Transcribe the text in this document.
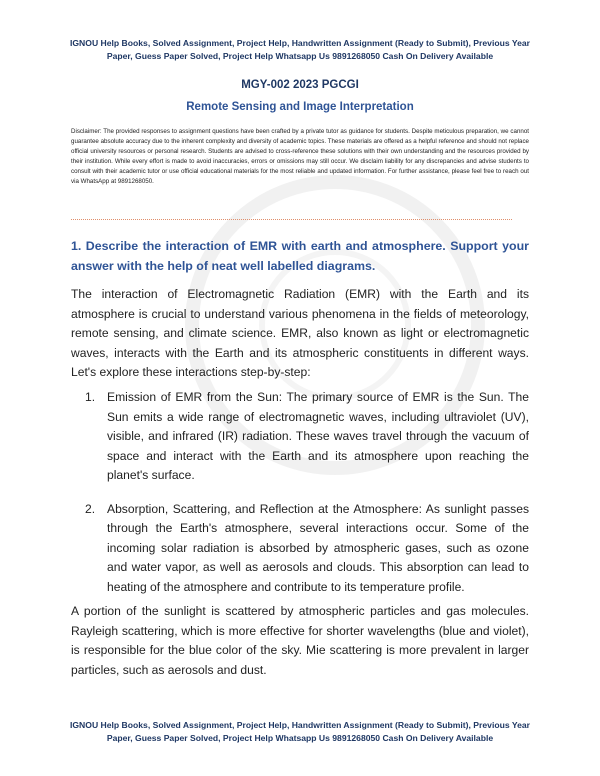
IGNOU Help Books, Solved Assignment, Project Help, Handwritten Assignment (Ready to Submit), Previous Year Paper, Guess Paper Solved, Project Help Whatsapp Us 9891268050 Cash On Delivery Available
MGY-002 2023 PGCGI
Remote Sensing and Image Interpretation
Disclaimer: The provided responses to assignment questions have been crafted by a private tutor as guidance for students. Despite meticulous preparation, we cannot guarantee absolute accuracy due to the inherent complexity and diversity of academic topics. These materials are offered as a helpful reference and should not replace official university resources or personal research. Students are advised to cross-reference these solutions with their own understanding and the resources provided by their institution. While every effort is made to avoid inaccuracies, errors or omissions may still occur. We disclaim liability for any discrepancies and advise students to consult with their academic tutor or use official educational materials for the most reliable and updated information. For further assistance, please feel free to reach out via WhatsApp at 9891268050.
1. Describe the interaction of EMR with earth and atmosphere. Support your answer with the help of neat well labelled diagrams.
The interaction of Electromagnetic Radiation (EMR) with the Earth and its atmosphere is crucial to understand various phenomena in the fields of meteorology, remote sensing, and climate science. EMR, also known as light or electromagnetic waves, interacts with the Earth and its atmospheric constituents in different ways. Let's explore these interactions step-by-step:
1. Emission of EMR from the Sun: The primary source of EMR is the Sun. The Sun emits a wide range of electromagnetic waves, including ultraviolet (UV), visible, and infrared (IR) radiation. These waves travel through the vacuum of space and interact with the Earth and its atmosphere upon reaching the planet's surface.
2. Absorption, Scattering, and Reflection at the Atmosphere: As sunlight passes through the Earth's atmosphere, several interactions occur. Some of the incoming solar radiation is absorbed by atmospheric gases, such as ozone and water vapor, as well as aerosols and clouds. This absorption can lead to heating of the atmosphere and contribute to its temperature profile.
A portion of the sunlight is scattered by atmospheric particles and gas molecules. Rayleigh scattering, which is more effective for shorter wavelengths (blue and violet), is responsible for the blue color of the sky. Mie scattering is more prevalent in larger particles, such as aerosols and dust.
IGNOU Help Books, Solved Assignment, Project Help, Handwritten Assignment (Ready to Submit), Previous Year Paper, Guess Paper Solved, Project Help Whatsapp Us 9891268050 Cash On Delivery Available
